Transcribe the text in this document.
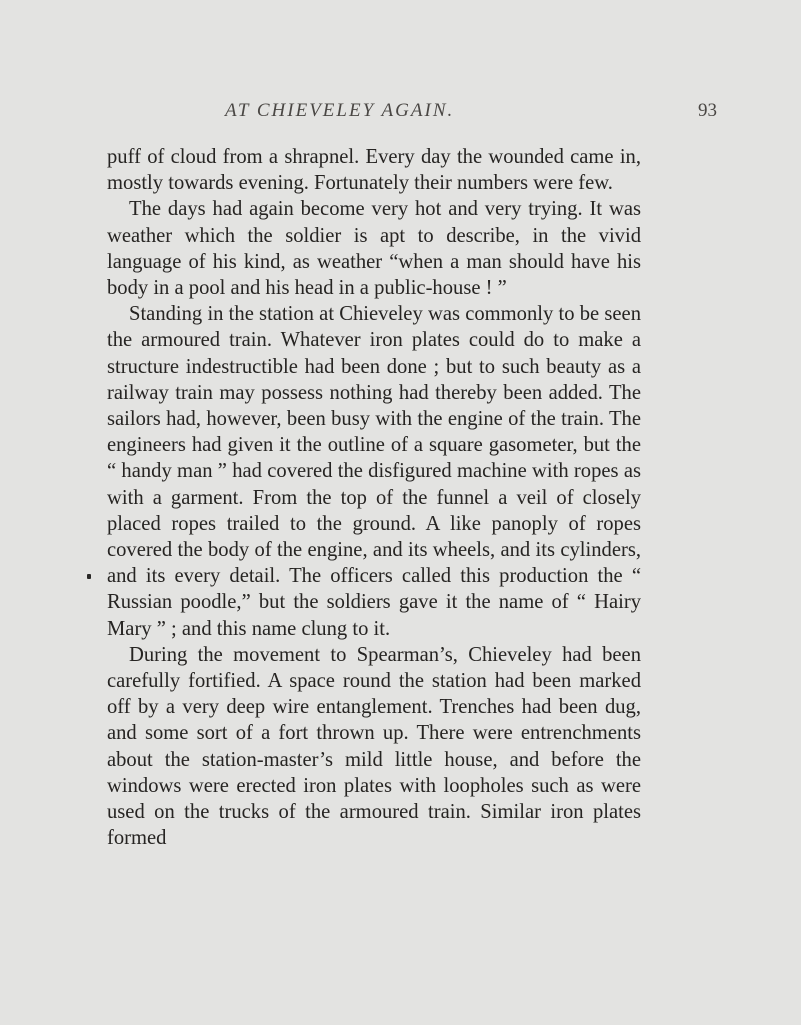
AT CHIEVELEY AGAIN.	93

puff of cloud from a shrapnel. Every day the wounded came in, mostly towards evening. Fortunately their numbers were few.

The days had again become very hot and very trying. It was weather which the soldier is apt to describe, in the vivid language of his kind, as weather “when a man should have his body in a pool and his head in a public-house ! ”

Standing in the station at Chieveley was commonly to be seen the armoured train. Whatever iron plates could do to make a structure indestructible had been done ; but to such beauty as a railway train may possess nothing had thereby been added. The sailors had, however, been busy with the engine of the train. The engineers had given it the outline of a square gasometer, but the “ handy man ” had covered the disfigured machine with ropes as with a garment. From the top of the funnel a veil of closely placed ropes trailed to the ground. A like panoply of ropes covered the body of the engine, and its wheels, and its cylinders, and its every detail. The officers called this production the “ Russian poodle,” but the soldiers gave it the name of “ Hairy Mary ” ; and this name clung to it.

During the movement to Spearman’s, Chieveley had been carefully fortified. A space round the station had been marked off by a very deep wire entanglement. Trenches had been dug, and some sort of a fort thrown up. There were entrenchments about the station-master’s mild little house, and before the windows were erected iron plates with loopholes such as were used on the trucks of the armoured train. Similar iron plates formed
